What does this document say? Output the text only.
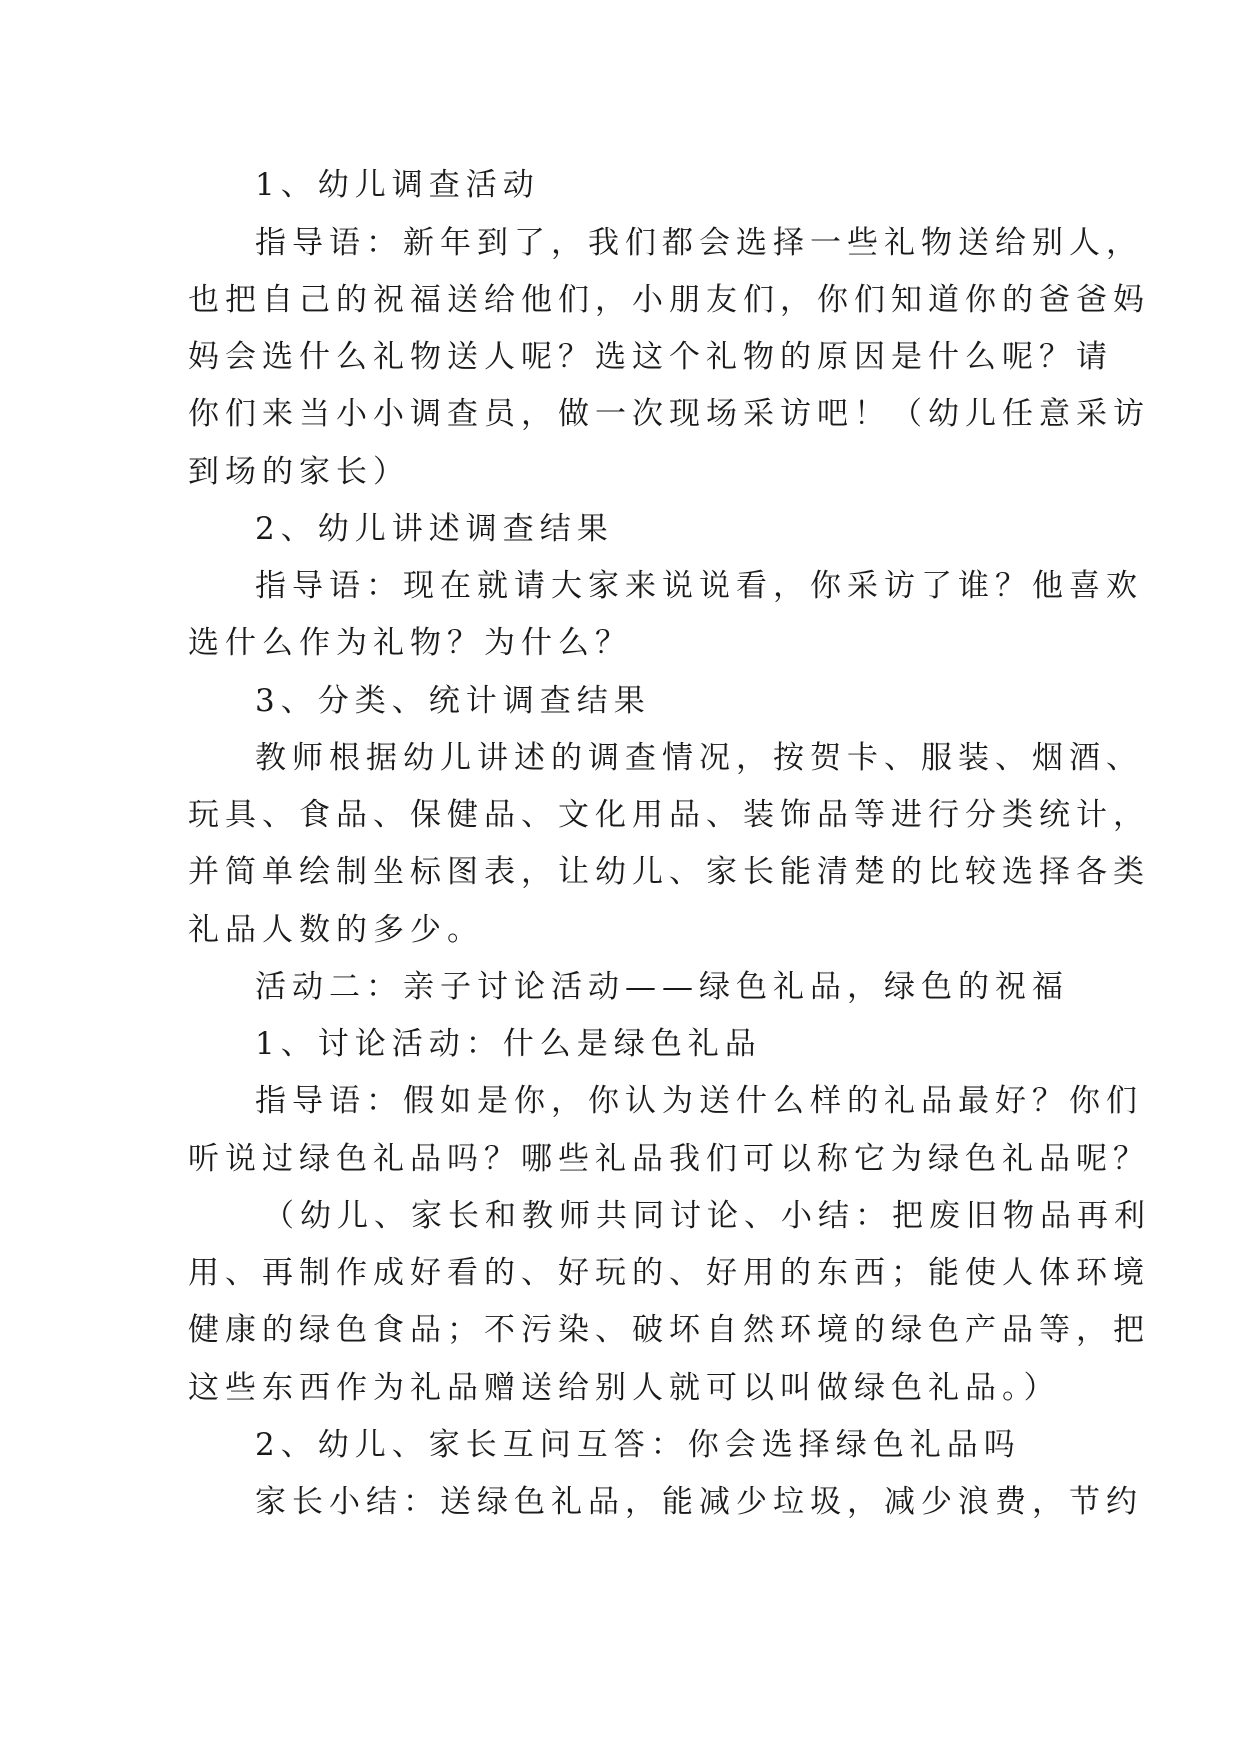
1、幼儿调查活动
指导语：新年到了，我们都会选择一些礼物送给别人，
也把自己的祝福送给他们，小朋友们，你们知道你的爸爸妈
妈会选什么礼物送人呢？选这个礼物的原因是什么呢？请
你们来当小小调查员，做一次现场采访吧！（幼儿任意采访
到场的家长）
2、幼儿讲述调查结果
指导语：现在就请大家来说说看，你采访了谁？他喜欢
选什么作为礼物？为什么？
3、分类、统计调查结果
教师根据幼儿讲述的调查情况，按贺卡、服装、烟酒、
玩具、食品、保健品、文化用品、装饰品等进行分类统计，
并简单绘制坐标图表，让幼儿、家长能清楚的比较选择各类
礼品人数的多少。
活动二：亲子讨论活动——绿色礼品，绿色的祝福
1、讨论活动：什么是绿色礼品
指导语：假如是你，你认为送什么样的礼品最好？你们
听说过绿色礼品吗？哪些礼品我们可以称它为绿色礼品呢？
（幼儿、家长和教师共同讨论、小结：把废旧物品再利
用、再制作成好看的、好玩的、好用的东西；能使人体环境
健康的绿色食品；不污染、破坏自然环境的绿色产品等，把
这些东西作为礼品赠送给别人就可以叫做绿色礼品。）
2、幼儿、家长互问互答：你会选择绿色礼品吗
家长小结：送绿色礼品，能减少垃圾，减少浪费，节约
